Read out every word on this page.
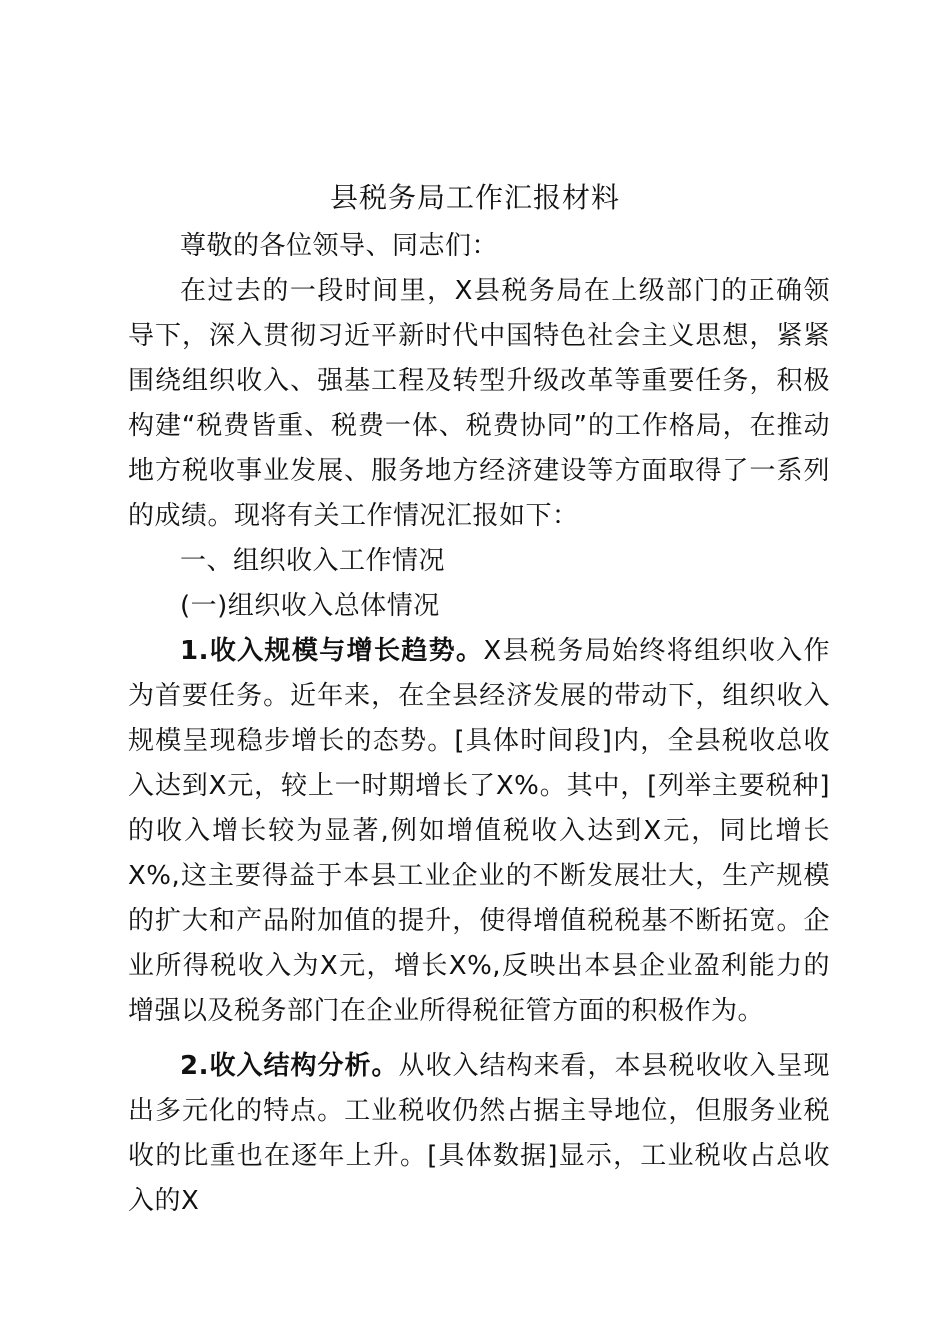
县税务局工作汇报材料

尊敬的各位领导、同志们：

在过去的一段时间里，X县税务局在上级部门的正确领导下，深入贯彻习近平新时代中国特色社会主义思想，紧紧围绕组织收入、强基工程及转型升级改革等重要任务，积极构建“税费皆重、税费一体、税费协同”的工作格局，在推动地方税收事业发展、服务地方经济建设等方面取得了一系列的成绩。现将有关工作情况汇报如下：

一、组织收入工作情况

(一)组织收入总体情况

1.收入规模与增长趋势。X县税务局始终将组织收入作为首要任务。近年来，在全县经济发展的带动下，组织收入规模呈现稳步增长的态势。[具体时间段]内，全县税收总收入达到X元，较上一时期增长了X%。其中，[列举主要税种]的收入增长较为显著,例如增值税收入达到X元，同比增长X%,这主要得益于本县工业企业的不断发展壮大，生产规模的扩大和产品附加值的提升，使得增值税税基不断拓宽。企业所得税收入为X元，增长X%,反映出本县企业盈利能力的增强以及税务部门在企业所得税征管方面的积极作为。

2.收入结构分析。从收入结构来看，本县税收收入呈现出多元化的特点。工业税收仍然占据主导地位，但服务业税收的比重也在逐年上升。[具体数据]显示，工业税收占总收入的X
